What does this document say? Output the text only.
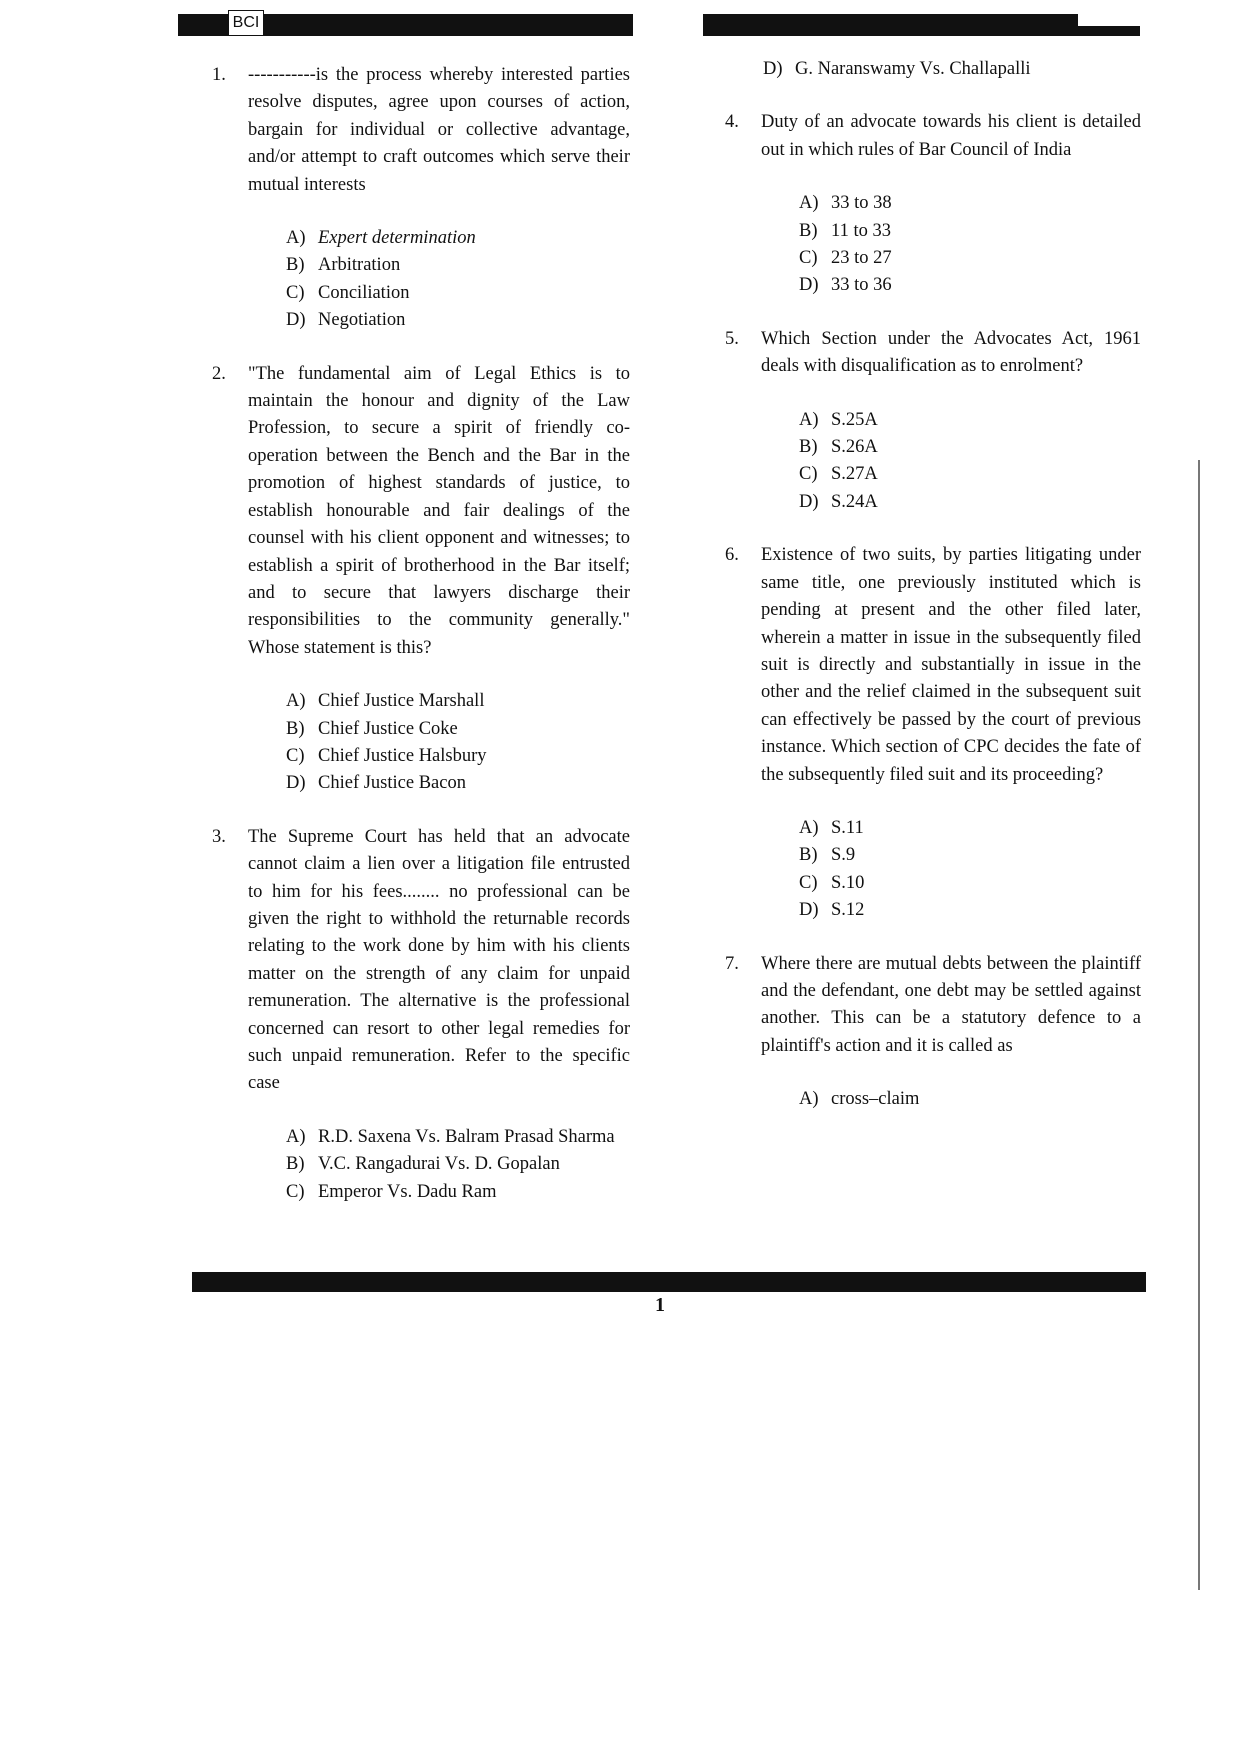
BCI
1. -----------is the process whereby interested parties resolve disputes, agree upon courses of action, bargain for individual or collective advantage, and/or attempt to craft outcomes which serve their mutual interests
A) Expert determination
B) Arbitration
C) Conciliation
D) Negotiation
2. "The fundamental aim of Legal Ethics is to maintain the honour and dignity of the Law Profession, to secure a spirit of friendly co-operation between the Bench and the Bar in the promotion of highest standards of justice, to establish honourable and fair dealings of the counsel with his client opponent and witnesses; to establish a spirit of brotherhood in the Bar itself; and to secure that lawyers discharge their responsibilities to the community generally." Whose statement is this?
A) Chief Justice Marshall
B) Chief Justice Coke
C) Chief Justice Halsbury
D) Chief Justice Bacon
3. The Supreme Court has held that an advocate cannot claim a lien over a litigation file entrusted to him for his fees........ no professional can be given the right to withhold the returnable records relating to the work done by him with his clients matter on the strength of any claim for unpaid remuneration. The alternative is the professional concerned can resort to other legal remedies for such unpaid remuneration. Refer to the specific case
A) R.D. Saxena Vs. Balram Prasad Sharma
B) V.C. Rangadurai Vs. D. Gopalan
C) Emperor Vs. Dadu Ram
D) G. Naranswamy Vs. Challapalli
4. Duty of an advocate towards his client is detailed out in which rules of Bar Council of India
A) 33 to 38
B) 11 to 33
C) 23 to 27
D) 33 to 36
5. Which Section under the Advocates Act, 1961 deals with disqualification as to enrolment?
A) S.25A
B) S.26A
C) S.27A
D) S.24A
6. Existence of two suits, by parties litigating under same title, one previously instituted which is pending at present and the other filed later, wherein a matter in issue in the subsequently filed suit is directly and substantially in issue in the other and the relief claimed in the subsequent suit can effectively be passed by the court of previous instance. Which section of CPC decides the fate of the subsequently filed suit and its proceeding?
A) S.11
B) S.9
C) S.10
D) S.12
7. Where there are mutual debts between the plaintiff and the defendant, one debt may be settled against another. This can be a statutory defence to a plaintiff's action and it is called as
A) cross–claim
1
